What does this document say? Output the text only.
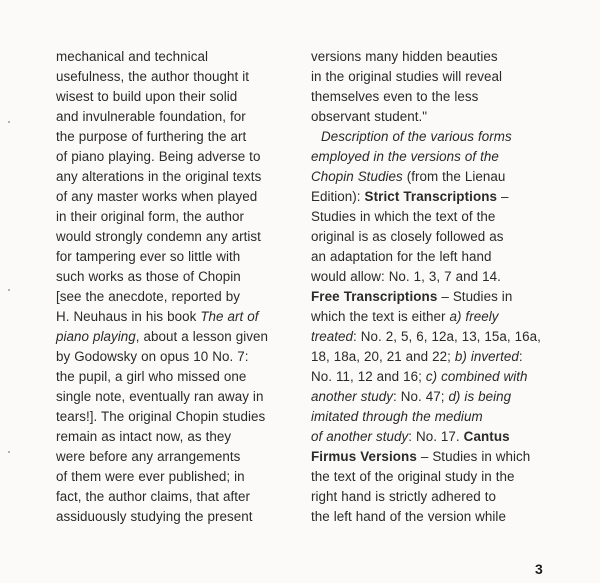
mechanical and technical
usefulness, the author thought it
wisest to build upon their solid
and invulnerable foundation, for
the purpose of furthering the art
of piano playing. Being adverse to
any alterations in the original texts
of any master works when played
in their original form, the author
would strongly condemn any artist
for tampering ever so little with
such works as those of Chopin
[see the anecdote, reported by
H. Neuhaus in his book The art of
piano playing, about a lesson given
by Godowsky on opus 10 No. 7:
the pupil, a girl who missed one
single note, eventually ran away in
tears!]. The original Chopin studies
remain as intact now, as they
were before any arrangements
of them were ever published; in
fact, the author claims, that after
assiduously studying the present
versions many hidden beauties
in the original studies will reveal
themselves even to the less
observant student."
Description of the various forms
employed in the versions of the
Chopin Studies (from the Lienau
Edition): Strict Transcriptions –
Studies in which the text of the
original is as closely followed as
an adaptation for the left hand
would allow: No. 1, 3, 7 and 14.
Free Transcriptions – Studies in
which the text is either a) freely
treated: No. 2, 5, 6, 12a, 13, 15a, 16a,
18, 18a, 20, 21 and 22; b) inverted:
No. 11, 12 and 16; c) combined with
another study: No. 47; d) is being
imitated through the medium
of another study: No. 17. Cantus
Firmus Versions – Studies in which
the text of the original study in the
right hand is strictly adhered to
the left hand of the version while
3
